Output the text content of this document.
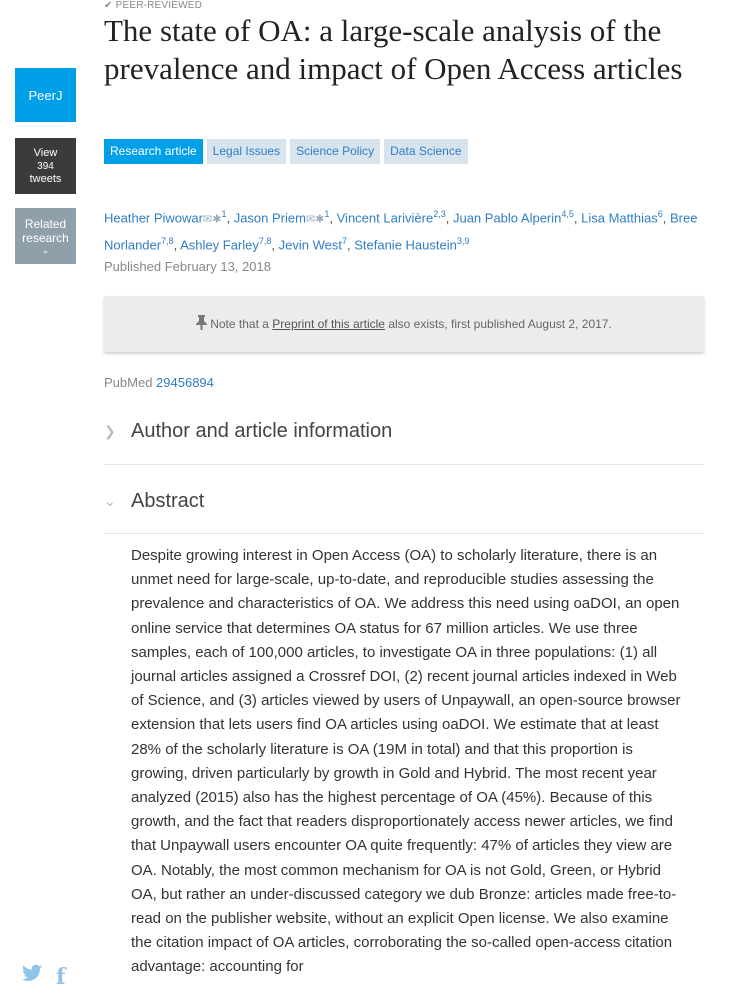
PeerJ
View
394
tweets
Related
research
⌄
f
✔ PEER-REVIEWED
The state of OA: a large-scale analysis of the prevalence and impact of Open Access articles
Research article	Legal Issues	Science Policy	Data Science
Heather Piwowar✉✱$^1$, Jason Priem✉✱$^1$, Vincent Larivière$^{2,3}$, Juan Pablo Alperin$^{4,5}$, Lisa Matthias$^6$, Bree Norlander$^{7,8}$, Ashley Farley$^{7,8}$, Jevin West$^7$, Stefanie Haustein$^{3,9}$
Published February 13, 2018
Note that a
Preprint of this article
also exists, first published August 2, 2017.
PubMed 29456894
❯ Author and article information
⌄ Abstract

Despite growing interest in Open Access (OA) to scholarly literature, there is an unmet need for large-scale, up-to-date, and reproducible studies assessing the prevalence and characteristics of OA. We address this need using oaDOI, an open online service that determines OA status for 67 million articles. We use three samples, each of 100,000 articles, to investigate OA in three populations: (1) all journal articles assigned a Crossref DOI, (2) recent journal articles indexed in Web of Science, and (3) articles viewed by users of Unpaywall, an open-source browser extension that lets users find OA articles using oaDOI. We estimate that at least 28% of the scholarly literature is OA (19M in total) and that this proportion is growing, driven particularly by growth in Gold and Hybrid. The most recent year analyzed (2015) also has the highest percentage of OA (45%). Because of this growth, and the fact that readers disproportionately access newer articles, we find that Unpaywall users encounter OA quite frequently: 47% of articles they view are OA. Notably, the most common mechanism for OA is not Gold, Green, or Hybrid OA, but rather an under-discussed category we dub Bronze: articles made free-to-read on the publisher website, without an explicit Open license. We also examine the citation impact of OA articles, corroborating the so-called open-access citation advantage: accounting for
